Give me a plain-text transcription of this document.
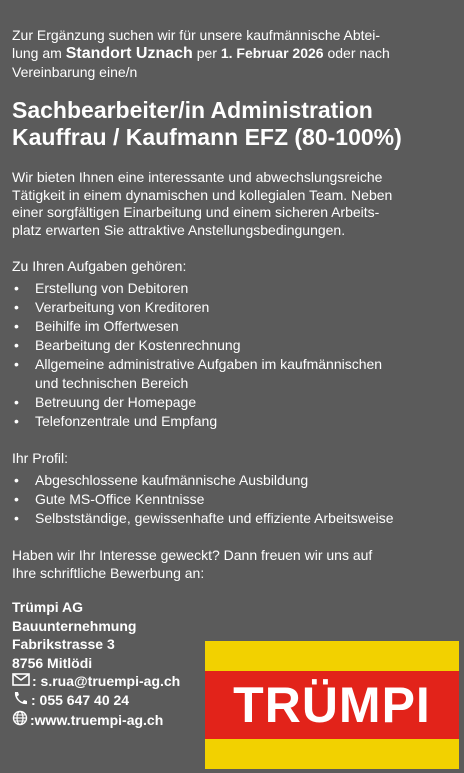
Zur Ergänzung suchen wir für unsere kaufmännische Abtei-
lung am Standort Uznach per 1. Februar 2026 oder nach
Vereinbarung eine/n

Sachbearbeiter/in Administration
Kauffrau / Kaufmann EFZ (80-100%)

Wir bieten Ihnen eine interessante und abwechslungsreiche
Tätigkeit in einem dynamischen und kollegialen Team. Neben
einer sorgfältigen Einarbeitung und einem sicheren Arbeits-
platz erwarten Sie attraktive Anstellungsbedingungen.

Zu Ihren Aufgaben gehören:

• Erstellung von Debitoren
• Verarbeitung von Kreditoren
• Beihilfe im Offertwesen
• Bearbeitung der Kostenrechnung
• Allgemeine administrative Aufgaben im kaufmännischen
und technischen Bereich
• Betreuung der Homepage
• Telefonzentrale und Empfang

Ihr Profil:

• Abgeschlossene kaufmännische Ausbildung
• Gute MS-Office Kenntnisse
• Selbstständige, gewissenhafte und effiziente Arbeitsweise

Haben wir Ihr Interesse geweckt? Dann freuen wir uns auf
Ihre schriftliche Bewerbung an:

Trümpi AG
Bauunternehmung
Fabrikstrasse 3
8756 Mitlödi
: s.rua@truempi-ag.ch
: 055 647 40 24
:www.truempi-ag.ch TRÜMPI
